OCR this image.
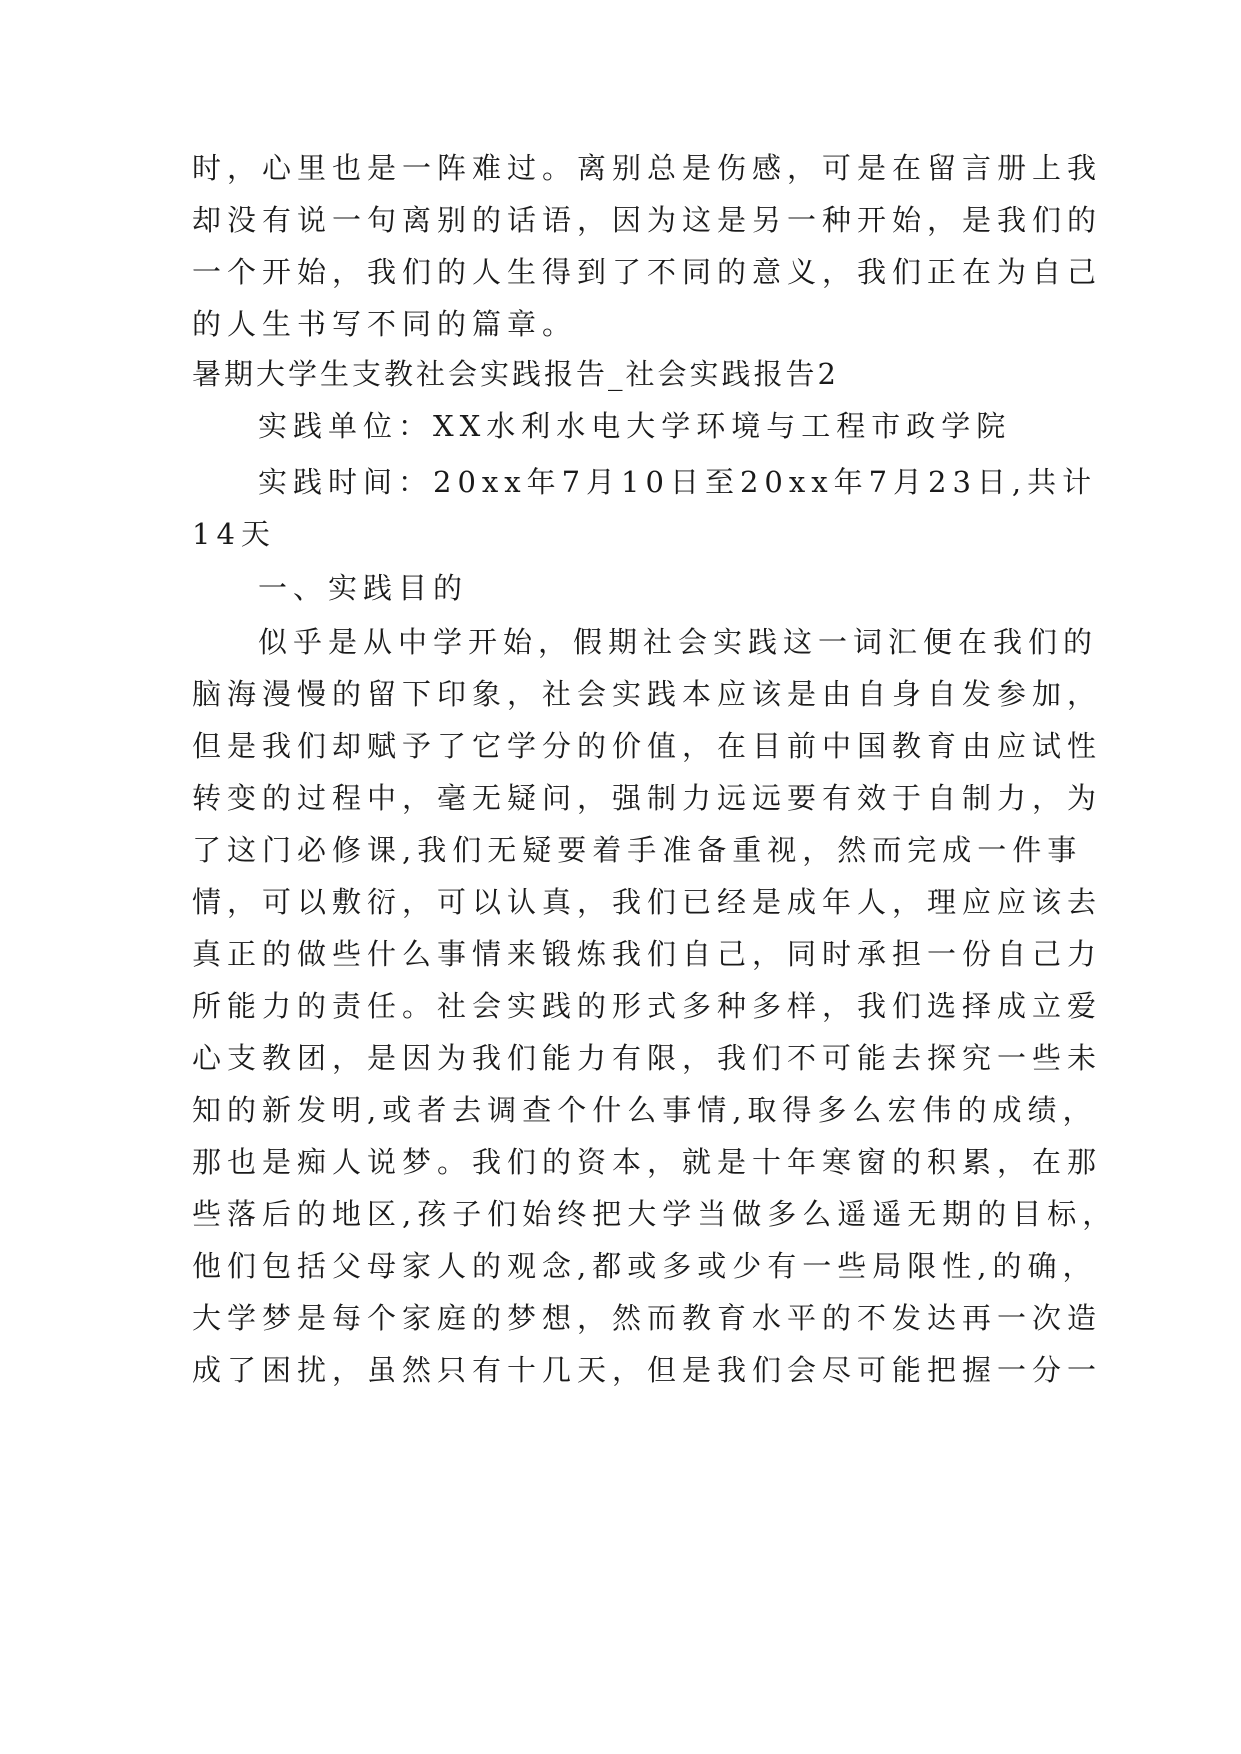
时，心里也是一阵难过。离别总是伤感，可是在留言册上我
却没有说一句离别的话语，因为这是另一种开始，是我们的
一个开始，我们的人生得到了不同的意义，我们正在为自己
的人生书写不同的篇章。
暑期大学生支教社会实践报告_社会实践报告2
实践单位：XX水利水电大学环境与工程市政学院
实践时间：20xx年7月10日至20xx年7月23日,共计
14天
一、实践目的
似乎是从中学开始，假期社会实践这一词汇便在我们的
脑海漫慢的留下印象，社会实践本应该是由自身自发参加，
但是我们却赋予了它学分的价值，在目前中国教育由应试性
转变的过程中，毫无疑问，强制力远远要有效于自制力，为
了这门必修课,我们无疑要着手准备重视，然而完成一件事
情，可以敷衍，可以认真，我们已经是成年人，理应应该去
真正的做些什么事情来锻炼我们自己，同时承担一份自己力
所能力的责任。社会实践的形式多种多样，我们选择成立爱
心支教团，是因为我们能力有限，我们不可能去探究一些未
知的新发明,或者去调查个什么事情,取得多么宏伟的成绩，
那也是痴人说梦。我们的资本，就是十年寒窗的积累，在那
些落后的地区,孩子们始终把大学当做多么遥遥无期的目标，
他们包括父母家人的观念,都或多或少有一些局限性,的确，
大学梦是每个家庭的梦想，然而教育水平的不发达再一次造
成了困扰，虽然只有十几天，但是我们会尽可能把握一分一
